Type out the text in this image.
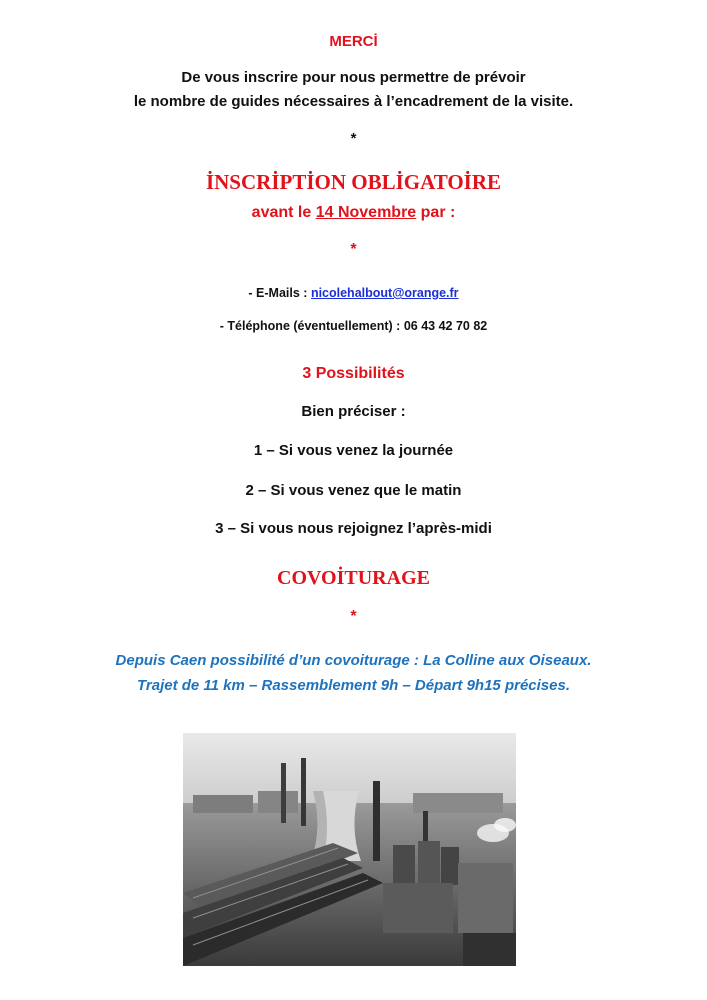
MERCİ
De vous inscrire pour nous permettre de prévoir
le nombre de guides nécessaires à l’encadrement de la visite.
*
İNSCRİPTİON OBLİGATOİRE
avant le 14 Novembre par :
*
- E-Mails : nicolehalbout@orange.fr
- Téléphone (éventuellement) : 06 43 42 70 82
3 Possibilités
Bien préciser :
1 – Si vous venez la journée
2 – Si vous venez que le matin
3 – Si vous nous rejoignez l’après-midi
COVOİTURAGE
*
Depuis Caen possibilité d’un covoiturage : La Colline aux Oiseaux.
Trajet de 11 km – Rassemblement 9h – Départ 9h15 précises.
